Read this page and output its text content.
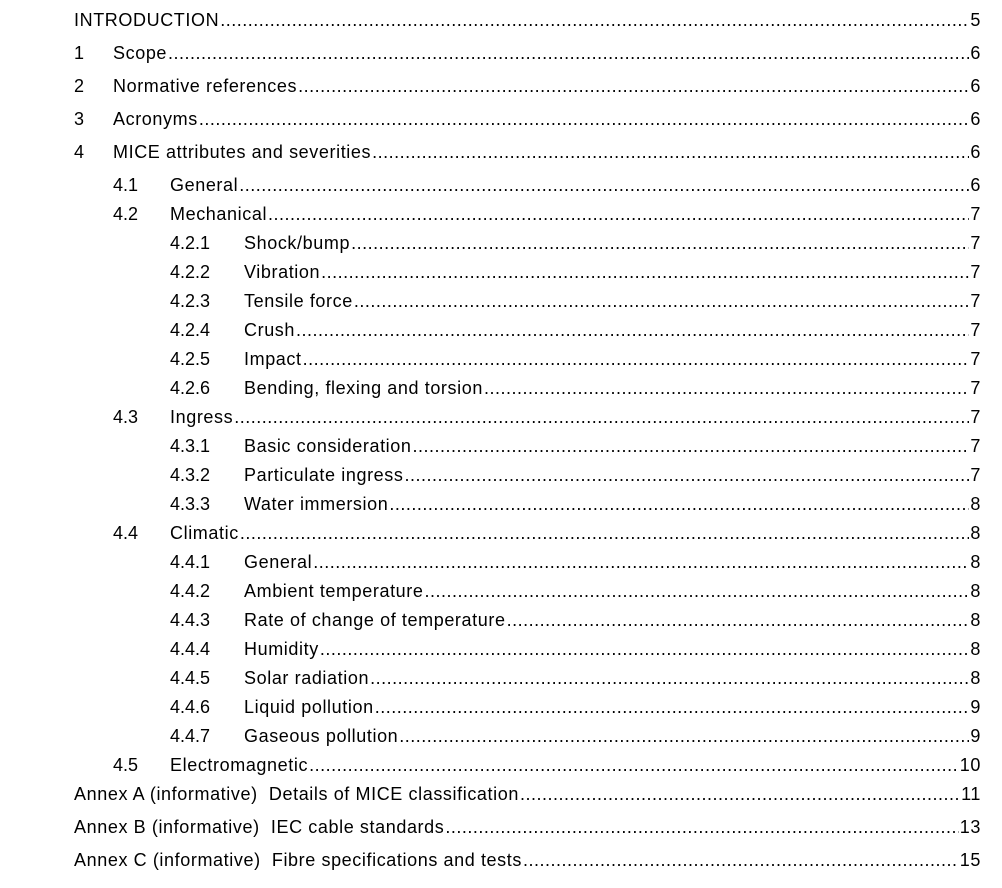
INTRODUCTION .....	5
1 Scope .....	6
2 Normative references .....	6
3 Acronyms .....	6
4 MICE attributes and severities .....	6
4.1 General .....	6
4.2 Mechanical .....	7
4.2.1 Shock/bump .....	7
4.2.2 Vibration .....	7
4.2.3 Tensile force .....	7
4.2.4 Crush .....	7
4.2.5 Impact .....	7
4.2.6 Bending, flexing and torsion .....	7
4.3 Ingress .....	7
4.3.1 Basic consideration .....	7
4.3.2 Particulate ingress .....	7
4.3.3 Water immersion .....	8
4.4 Climatic .....	8
4.4.1 General .....	8
4.4.2 Ambient temperature .....	8
4.4.3 Rate of change of temperature .....	8
4.4.4 Humidity .....	8
4.4.5 Solar radiation .....	8
4.4.6 Liquid pollution .....	9
4.4.7 Gaseous pollution .....	9
4.5 Electromagnetic .....	10
Annex A (informative)  Details of MICE classification .....	11
Annex B (informative)  IEC cable standards .....	13
Annex C (informative)  Fibre specifications and tests .....	15
